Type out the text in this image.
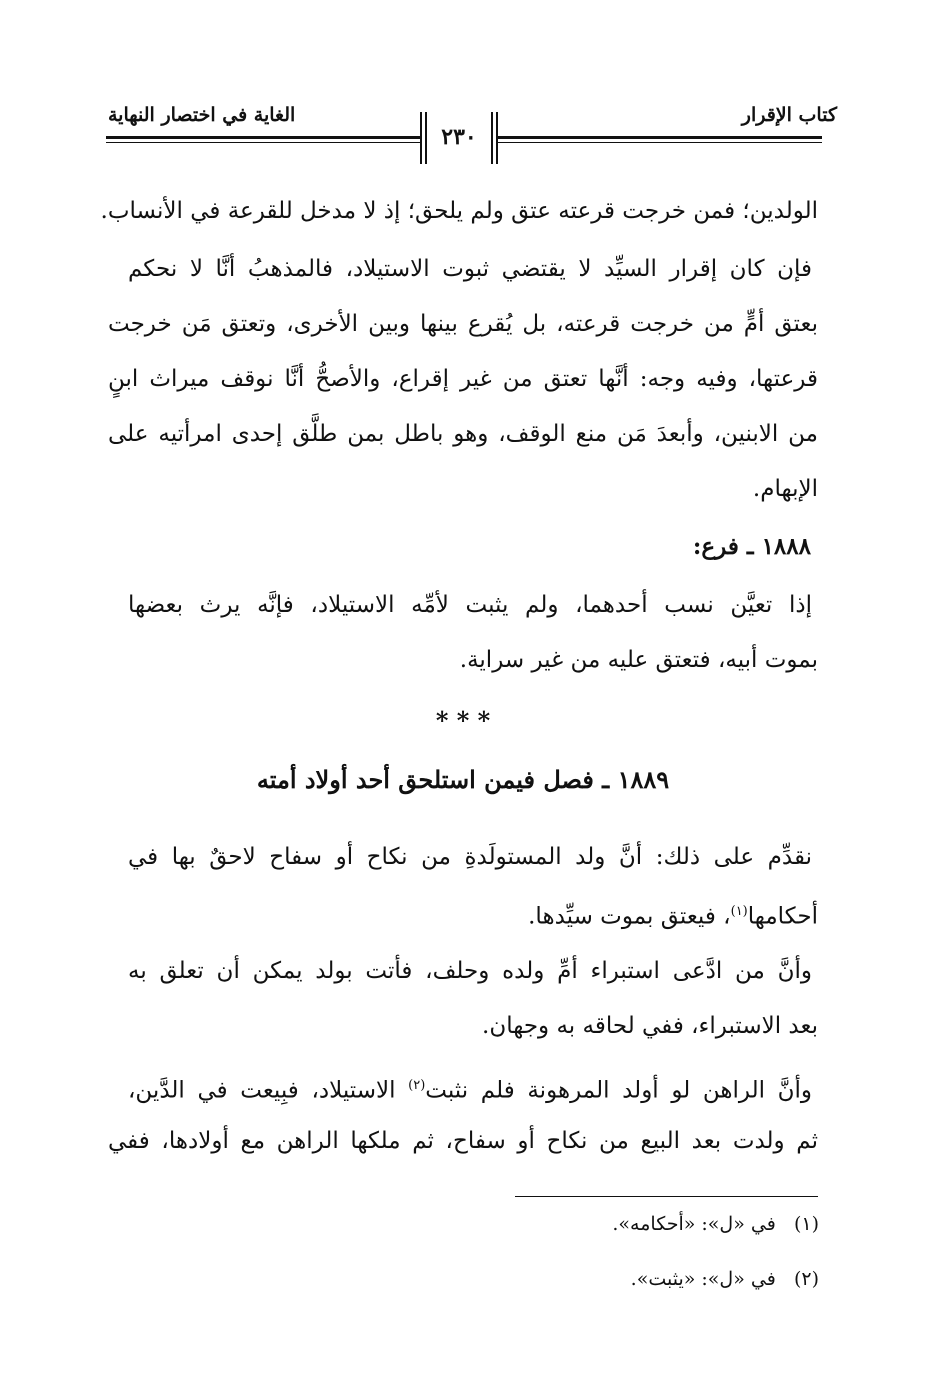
كتاب الإقرار
الغاية في اختصار النهاية
٢٣٠
الولدين؛ فمن خرجت قرعته عتق ولم يلحق؛ إذ لا مدخل للقرعة في الأنساب.
فإن كان إقرار السيِّد لا يقتضي ثبوت الاستيلاد، فالمذهبُ أنَّا لا نحكم
بعتق أمٍّ من خرجت قرعته، بل يُقرع بينها وبين الأخرى، وتعتق مَن خرجت
قرعتها، وفيه وجه: أنَّها تعتق من غير إقراع، والأصحُّ أنَّا نوقف ميراث ابنٍ
من الابنين، وأبعدَ مَن منع الوقف، وهو باطل بمن طلَّق إحدى امرأتيه على
الإبهام.
١٨٨٨ ـ فرع:
إذا تعيَّن نسب أحدهما، ولم يثبت لأمِّه الاستيلاد، فإنَّه يرث بعضها
بموت أبيه، فتعتق عليه من غير سراية.
* * *
١٨٨٩ ـ فصل فيمن استلحق أحد أولاد أمته
نقدِّم على ذلك: أنَّ ولد المستولَدةِ من نكاح أو سفاح لاحقٌ بها في
أحكامها$^{(١)}$، فيعتق بموت سيِّدها.
وأنَّ من ادَّعى استبراء أمِّ ولده وحلف، فأتت بولد يمكن أن تعلق به
بعد الاستبراء، ففي لحاقه به وجهان.
وأنَّ الراهن لو أولد المرهونة فلم نثبت$^{(٢)}$ الاستيلاد، فبِيعت في الدَّين،
ثم ولدت بعد البيع من نكاح أو سفاح، ثم ملكها الراهن مع أولادها، ففي
(١)   في «ل»: «أحكامه».
(٢)   في «ل»: «يثبت».
